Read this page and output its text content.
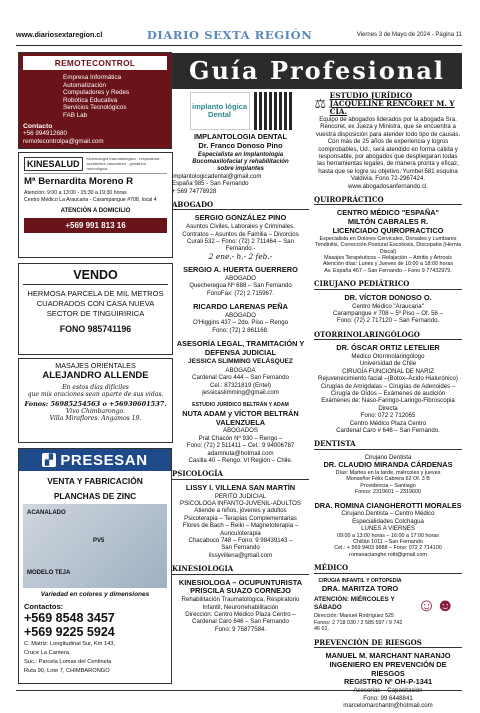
www.diariosextaregion.cl	DIARIO SEXTA REGIÓN	Viernes 3 de Mayo de 2024 - Página 11
REMOTECONTROL
Empresa Informática
Automatización
Computadores y Redes
Robótica Educativa
Servicios Tecnológicos
FAB Lab
Contacto
+56 994912680
remotecontrolpa@gmail.com
KINESALUD	Kinesiología traumatológica · respiratoria · accidentes vasculares · geriátrica · neurológica
Mª Bernardita Moreno R
Atención: 9:00 a 13:00 - 15:30 a 19:30 horas
Centro Médico La Araucaria - Carampangue #708, local 4
ATENCIÓN A DOMICILIO
+569 991 813 16
VENDO
HERMOSA PARCELA DE MIL METROS CUADRADOS CON CASA NUEVA SECTOR DE TINGUIRIRICA
FONO 985741196
MASAJES ORIENTALES
ALEJANDRO ALLENDE
En estos días difíciles
que mis oraciones sean aparte de sus vidas.
Fonos: 56985254563 o +56930601537.
Vivo Chimbarongo.
Villa Miraflores. Angamos 19.
▞ PRESESAN
VENTA Y FABRICACIÓN
PLANCHAS DE ZINC
ACANALADO
PV5
MODELO TEJA
Variedad en colores y dimensiones
Contactos:
+569 8548 3457
+569 9225 5924
C. Matriz: Longitudinal Sur, Km 143,
Cruce La Cantera.
Suc.: Parcela Lomas del Centinela
Ruta 90, Lote 7, CHIMBARONGO
Guía Profesional
implanto lógica Dental
IMPLANTOLOGIA DENTAL
Dr. Franco Donoso Pino
Especialista en Implantología
Bucomaxilofacial y rehabilitación
sobre implantes
implantologicadental@gmail.com
España 985 - San Fernando
+ 569 74778928
ABOGADO
SERGIO GONZÁLEZ PINO
Asuntos Civiles, Laborales y Criminales.
Contratos – Asuntos de Familia – Divorcios
Curali 532 – Fono: (72) 2 711464 – San Fernando.-
2 ene.- h.- 2 feb.-
SERGIO A. HUERTA GUERRERO
ABOGADO
Quecheregua Nº 688 – San Fernando
FonoFax: (72) 2 715967.
RICARDO LARENAS PEÑA
ABOGADO
O'Higgins 437 – 2do. Piso – Rengo
Fono: (72) 2 861168.
ASESORÍA LEGAL, TRAMITACIÓN Y DEFENSA JUDICIAL
JESSICA SLIMMING VELÁSQUEZ
ABOGADA
Cardenal Caro 444 – San Fernando
Cel.: 87321819 (Entel)
jessicaslimming@gmail.com
ESTUDIO JURÍDICO BELTRÁN Y ADAM
NUTA ADAM y VÍCTOR BELTRÁN VALENZUELA
ABOGADOS
Prat Chacón Nº 930 – Rengo –
Fono: (72) 2 511411 – Cel.: 9 94006787
adamnuta@hotmail.com
Casilla 40 – Rengo. VI Región – Chile.
PSICOLOGÍA
LISSY I. VILLENA SAN MARTÍN
PERITO JUDICIAL
PSICOLOGA INFANTO-JUVENIL-ADULTOS
Atiende a niños, jóvenes y adultos
Psicoterapia – Terapias Complementarias
Flores de Bach – Reiki – Magnetoterapia –
Auriculoterapia
Chacabuco 748 – Fono: 9 98439143 –
San Fernando
lissyvillena@gmail.com
KINESIOLOGIA
KINESIOLOGA – OCUPUNTURISTA
PRISCILA SUAZO CORNEJO
Rehabilitación Traumatológica, Respiratorio Infantil, Neurorrehabilitación
Dirección: Centro Médico Plaza Centro –
Cardenal Caro 646 – San Fernando
Fono: 9 75877584.
⚖
ESTUDIO JURÍDICO JACQUELINE RENCORET M. Y CÍA.
Equipo de abogados liderados por la abogada Sra. Rencoret, ex Jueza y Ministra, que se encuentra a vuestra disposición para atender todo tipo de causas. Con más de 25 años de experiencia y logros comprobables, Ud., será atendido en forma cálida y responsable, por abogados que despliegaran todas las herramientas legales, de manera pronta y eficaz, hasta que se logre su objetivo. Yumbel 581 esquina Valdivia. Fono 72-2967424.
www.abogadosanfernando.cl.
QUIROPRÁCTICO
CENTRO MÉDICO "ESPAÑA"
MILTÓN CABRALES R.
LICENCIADO QUIROPRACTICO
Especialista en Dolores Cervicales, Dorsales y Lumbares
Tendinitis, Corrección Postural Escoliosis, Discopatía (Hernia Discal)
Masajes Terapéuticos – Relajación – Artritis y Artrosis
Atención días: Lunes y Jueves de 10:00 a 18:00 horas
Av. España 467 – San Fernando – Fono 9 77432979.
CIRUJANO PEDIÁTRICO
DR. VÍCTOR DONOSO O.
Centro Médico "Araucaria"
Carampangue # 708 – 5º Piso – Of. 56 –
Fono: (72) 2 717120 – San Fernando.
OTORRINOLARINGÓLOGO
DR. ÓSCAR ORTIZ LETELIER
Médico Otorrinolaringólogo
Universidad de Chile
CIRUGÍA FUNCIONAL DE NARIZ
Rejuvenecimiento facial –(Botox–Ácido Hialurónico)
Cirugías de Amígdalas – Cirugías de Adenoides –
Cirugía de Oídos – Exámenes de audición
Exámenes de: Naso-Faringo-Laringo-Fibroscopia Directa
Fono: 072 2 712065
Centro Médico Plaza Centro
Cardenal Caro # 646 – San Fernando.
DENTISTA
Cirujano Dentista
DR. CLAUDIO MIRANDA CÁRDENAS
Días: Martes en la tarde, miércoles y jueves
Monseñor Félix Cabrera 62 Of. 3 B
Providencia – Santiago
Fonos: 2319601 – 2319600
DRA. ROMINA CIANGHEROTTI MORALES
Cirujano Dentista – Centro Médico
Especialidades Colchagua
LUNES A VIERNES
09:00 a 13:00 horas – 16:00 a 17:00 horas
Chillán 1011 – San Fernando
Cel.: + 569 9403 9888 – Fono: 072 2 714100
romanacianghe rotti@gmail.com
MÉDICO
CIRUGIA INFANTIL Y ORTOPEDIA
DRA. MARITZA TORO
ATENCIÓN: MIÉRCOLES Y SÁBADO
Dirección: Manuel Rodríguez 525
Fonos: 2 718 030 / 2 585 597 / 9 742 46 01.
☺☻
PREVENCIÓN DE RIESGOS
MANUEL M. MARCHANT NARANJO
INGENIERO EN PREVENCIÓN DE RIESGOS
REGISTRO Nº OH-P-1341
Asesorías – Capacitación
Fono: 99 6448841
marcelomarchantn@hotmail.com
